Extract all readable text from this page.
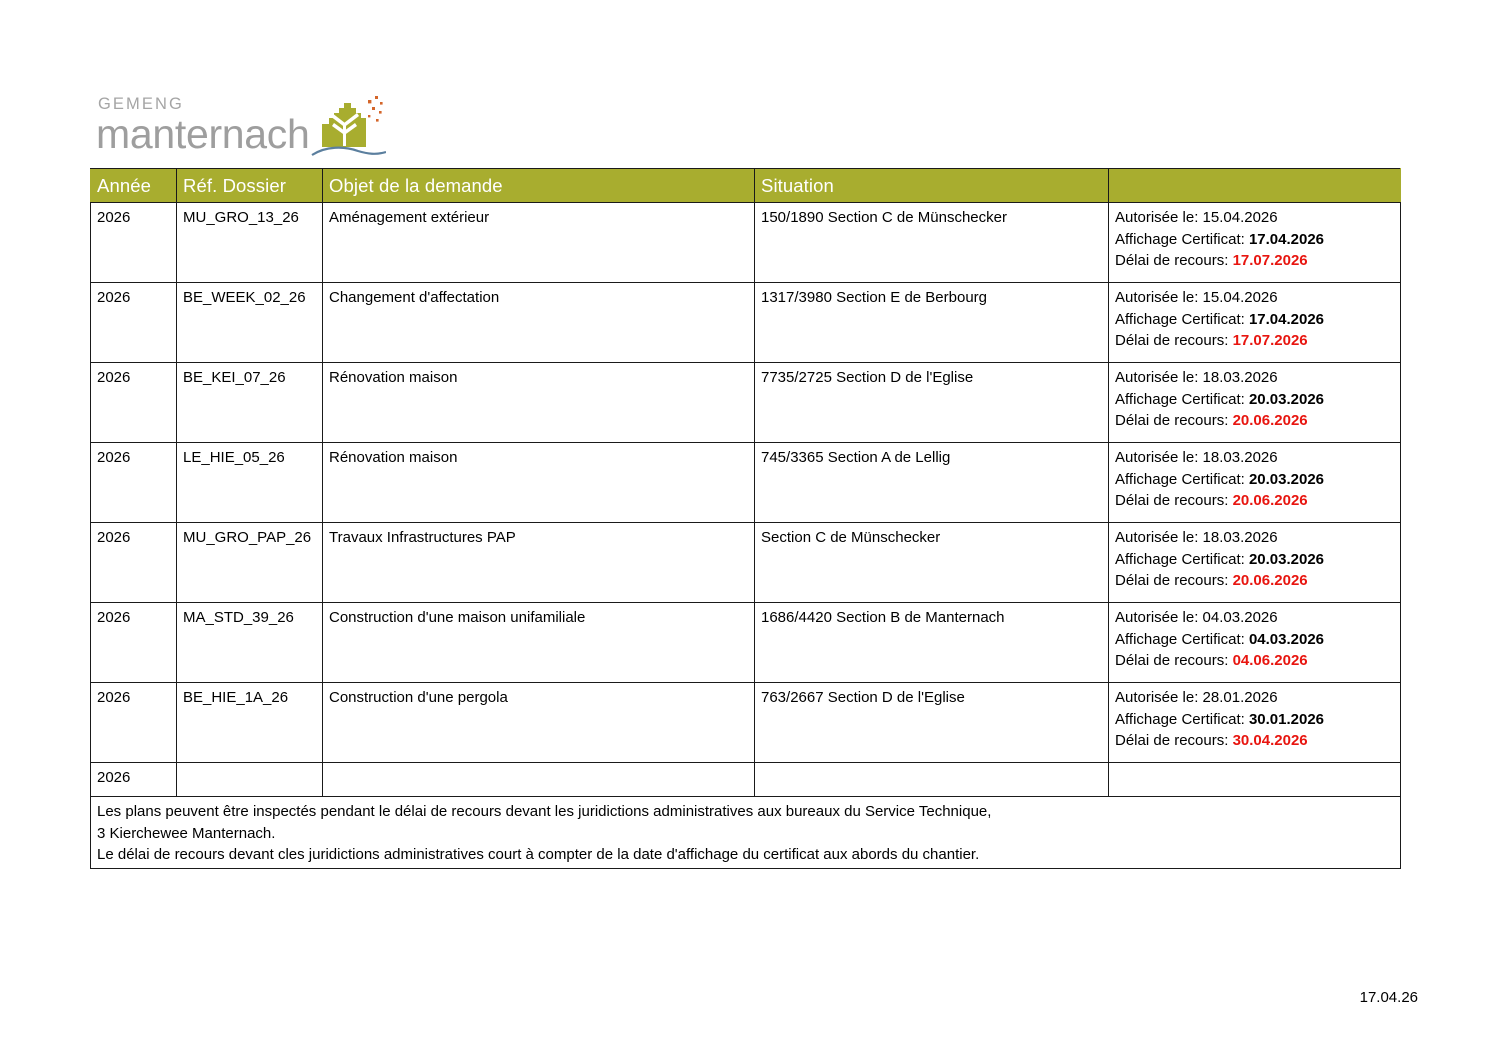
GEMENG
manternach
Année	Réf. Dossier	Objet de la demande	Situation	
2026	MU_GRO_13_26	Aménagement extérieur	150/1890 Section C de Münschecker	Autorisée le: 15.04.2026
Affichage Certificat: 17.04.2026
Délai de recours: 17.07.2026

2026	BE_WEEK_02_26	Changement d'affectation	1317/3980 Section E de Berbourg	Autorisée le: 15.04.2026
Affichage Certificat: 17.04.2026
Délai de recours: 17.07.2026

2026	BE_KEI_07_26	Rénovation maison	7735/2725 Section D de l'Eglise	Autorisée le: 18.03.2026
Affichage Certificat: 20.03.2026
Délai de recours: 20.06.2026

2026	LE_HIE_05_26	Rénovation maison	745/3365 Section A de Lellig	Autorisée le: 18.03.2026
Affichage Certificat: 20.03.2026
Délai de recours: 20.06.2026

2026	MU_GRO_PAP_26	Travaux Infrastructures PAP	Section C de Münschecker	Autorisée le: 18.03.2026
Affichage Certificat: 20.03.2026
Délai de recours: 20.06.2026

2026	MA_STD_39_26	Construction d'une maison unifamiliale	1686/4420 Section B de Manternach	Autorisée le: 04.03.2026
Affichage Certificat: 04.03.2026
Délai de recours: 04.06.2026

2026	BE_HIE_1A_26	Construction d'une pergola	763/2667 Section D de l'Eglise	Autorisée le: 28.01.2026
Affichage Certificat: 30.01.2026
Délai de recours: 30.04.2026

2026				

Les plans peuvent être inspectés pendant le délai de recours devant les juridictions administratives aux bureaux du Service Technique,
3 Kierchewee Manternach.
Le délai de recours devant cles juridictions administratives court à compter de la date d'affichage du certificat aux abords du chantier.				
17.04.26
